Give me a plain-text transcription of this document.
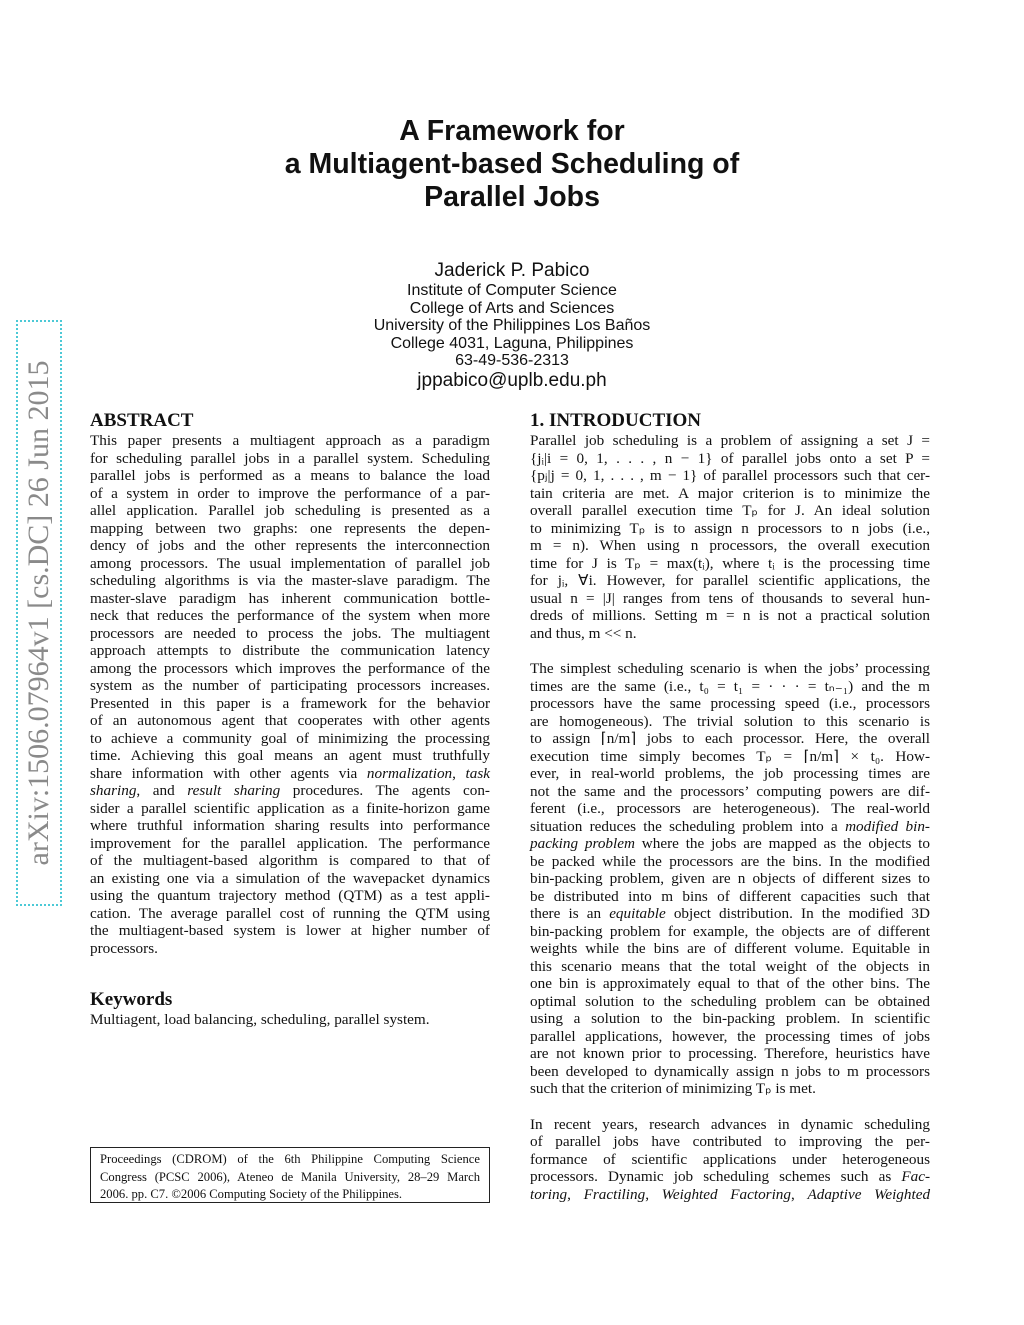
arXiv:1506.07964v1 [cs.DC] 26 Jun 2015
A Framework for
a Multiagent-based Scheduling of
Parallel Jobs
Jaderick P. Pabico
Institute of Computer Science
College of Arts and Sciences
University of the Philippines Los Baños
College 4031, Laguna, Philippines
63-49-536-2313
jppabico@uplb.edu.ph
ABSTRACT
This paper presents a multiagent approach as a paradigm
for scheduling parallel jobs in a parallel system. Scheduling
parallel jobs is performed as a means to balance the load
of a system in order to improve the performance of a par-
allel application. Parallel job scheduling is presented as a
mapping between two graphs: one represents the depen-
dency of jobs and the other represents the interconnection
among processors. The usual implementation of parallel job
scheduling algorithms is via the master-slave paradigm. The
master-slave paradigm has inherent communication bottle-
neck that reduces the performance of the system when more
processors are needed to process the jobs. The multiagent
approach attempts to distribute the communication latency
among the processors which improves the performance of the
system as the number of participating processors increases.
Presented in this paper is a framework for the behavior
of an autonomous agent that cooperates with other agents
to achieve a community goal of minimizing the processing
time. Achieving this goal means an agent must truthfully
share information with other agents via normalization, task
sharing, and result sharing procedures. The agents con-
sider a parallel scientific application as a finite-horizon game
where truthful information sharing results into performance
improvement for the parallel application. The performance
of the multiagent-based algorithm is compared to that of
an existing one via a simulation of the wavepacket dynamics
using the quantum trajectory method (QTM) as a test appli-
cation. The average parallel cost of running the QTM using
the multiagent-based system is lower at higher number of
processors.
Keywords
Multiagent, load balancing, scheduling, parallel system.
Proceedings (CDROM) of the 6th Philippine Computing Science
Congress (PCSC 2006), Ateneo de Manila University, 28–29 March
2006. pp. C7. ©2006 Computing Society of the Philippines.
1. INTRODUCTION
Parallel job scheduling is a problem of assigning a set J =
{jᵢ|i = 0, 1, . . . , n − 1} of parallel jobs onto a set P =
{pⱼ|j = 0, 1, . . . , m − 1} of parallel processors such that cer-
tain criteria are met. A major criterion is to minimize the
overall parallel execution time Tₚ for J. An ideal solution
to minimizing Tₚ is to assign n processors to n jobs (i.e.,
m = n). When using n processors, the overall execution
time for J is Tₚ = max(tᵢ), where tᵢ is the processing time
for jᵢ, ∀i. However, for parallel scientific applications, the
usual n = |J| ranges from tens of thousands to several hun-
dreds of millions. Setting m = n is not a practical solution
and thus, m << n.
The simplest scheduling scenario is when the jobs’ processing
times are the same (i.e., t₀ = t₁ = · · · = tₙ₋₁) and the m
processors have the same processing speed (i.e., processors
are homogeneous). The trivial solution to this scenario is
to assign ⌈n/m⌉ jobs to each processor. Here, the overall
execution time simply becomes Tₚ = ⌈n/m⌉ × t₀. How-
ever, in real-world problems, the job processing times are
not the same and the processors’ computing powers are dif-
ferent (i.e., processors are heterogeneous). The real-world
situation reduces the scheduling problem into a modified bin-
packing problem where the jobs are mapped as the objects to
be packed while the processors are the bins. In the modified
bin-packing problem, given are n objects of different sizes to
be distributed into m bins of different capacities such that
there is an equitable object distribution. In the modified 3D
bin-packing problem for example, the objects are of different
weights while the bins are of different volume. Equitable in
this scenario means that the total weight of the objects in
one bin is approximately equal to that of the other bins. The
optimal solution to the scheduling problem can be obtained
using a solution to the bin-packing problem. In scientific
parallel applications, however, the processing times of jobs
are not known prior to processing. Therefore, heuristics have
been developed to dynamically assign n jobs to m processors
such that the criterion of minimizing Tₚ is met.
In recent years, research advances in dynamic scheduling
of parallel jobs have contributed to improving the per-
formance of scientific applications under heterogeneous
processors. Dynamic job scheduling schemes such as Fac-
toring, Fractiling, Weighted Factoring, Adaptive Weighted
